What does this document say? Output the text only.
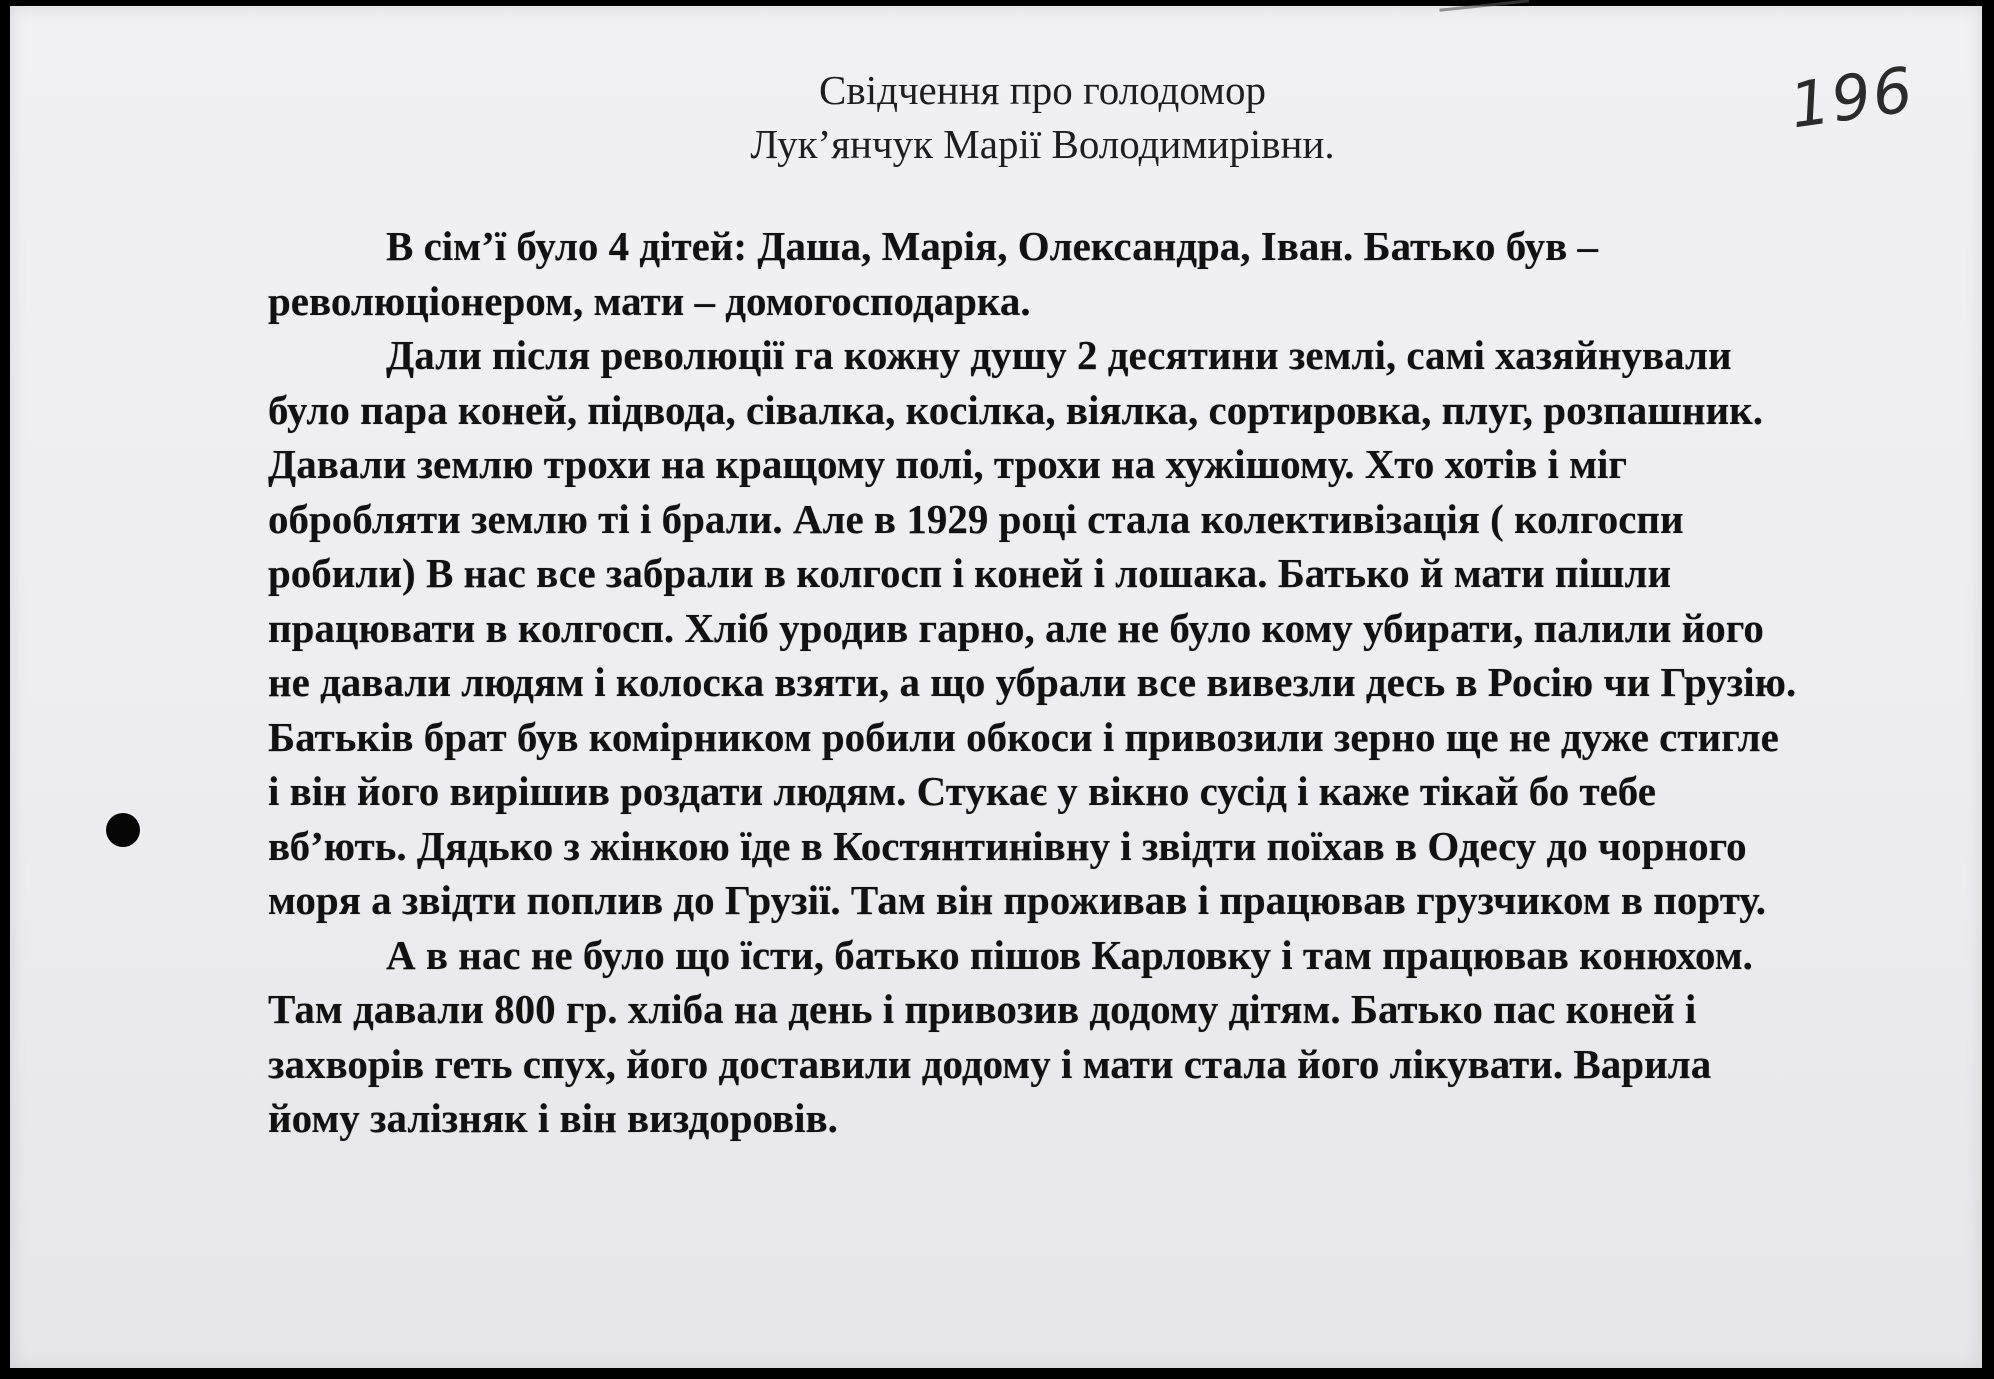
Свідчення про голодомор
Лук’янчук Марії Володимирівни.
196
В сім’ї було 4 дітей: Даша, Марія, Олександра, Іван. Батько був –
революціонером, мати – домогосподарка.
Дали після революції га кожну душу 2 десятини землі, самі хазяйнували
було пара коней, підвода, сівалка, косілка, віялка, сортировка, плуг, розпашник.
Давали землю трохи на кращому полі, трохи на хужішому. Хто хотів і міг
обробляти землю ті і брали. Але в 1929 році стала колективізація ( колгоспи
робили) В нас все забрали в колгосп і коней і лошака. Батько й мати пішли
працювати в колгосп. Хліб уродив гарно, але не було кому убирати, палили його
не давали людям і колоска взяти, а що убрали все вивезли десь в Росію чи Грузію.
Батьків брат був комірником робили обкоси і привозили зерно ще не дуже стигле
і він його вирішив роздати людям. Стукає у вікно сусід і каже тікай бо тебе
вб’ють. Дядько з жінкою їде в Костянтинівну і звідти поїхав в Одесу до чорного
моря а звідти поплив до Грузії. Там він проживав і працював грузчиком в порту.
А в нас не було що їсти, батько пішов Карловку і там працював конюхом.
Там давали 800 гр. хліба на день і привозив додому дітям. Батько пас коней і
захворів геть спух, його доставили додому і мати стала його лікувати. Варила
йому залізняк і він виздоровів.
